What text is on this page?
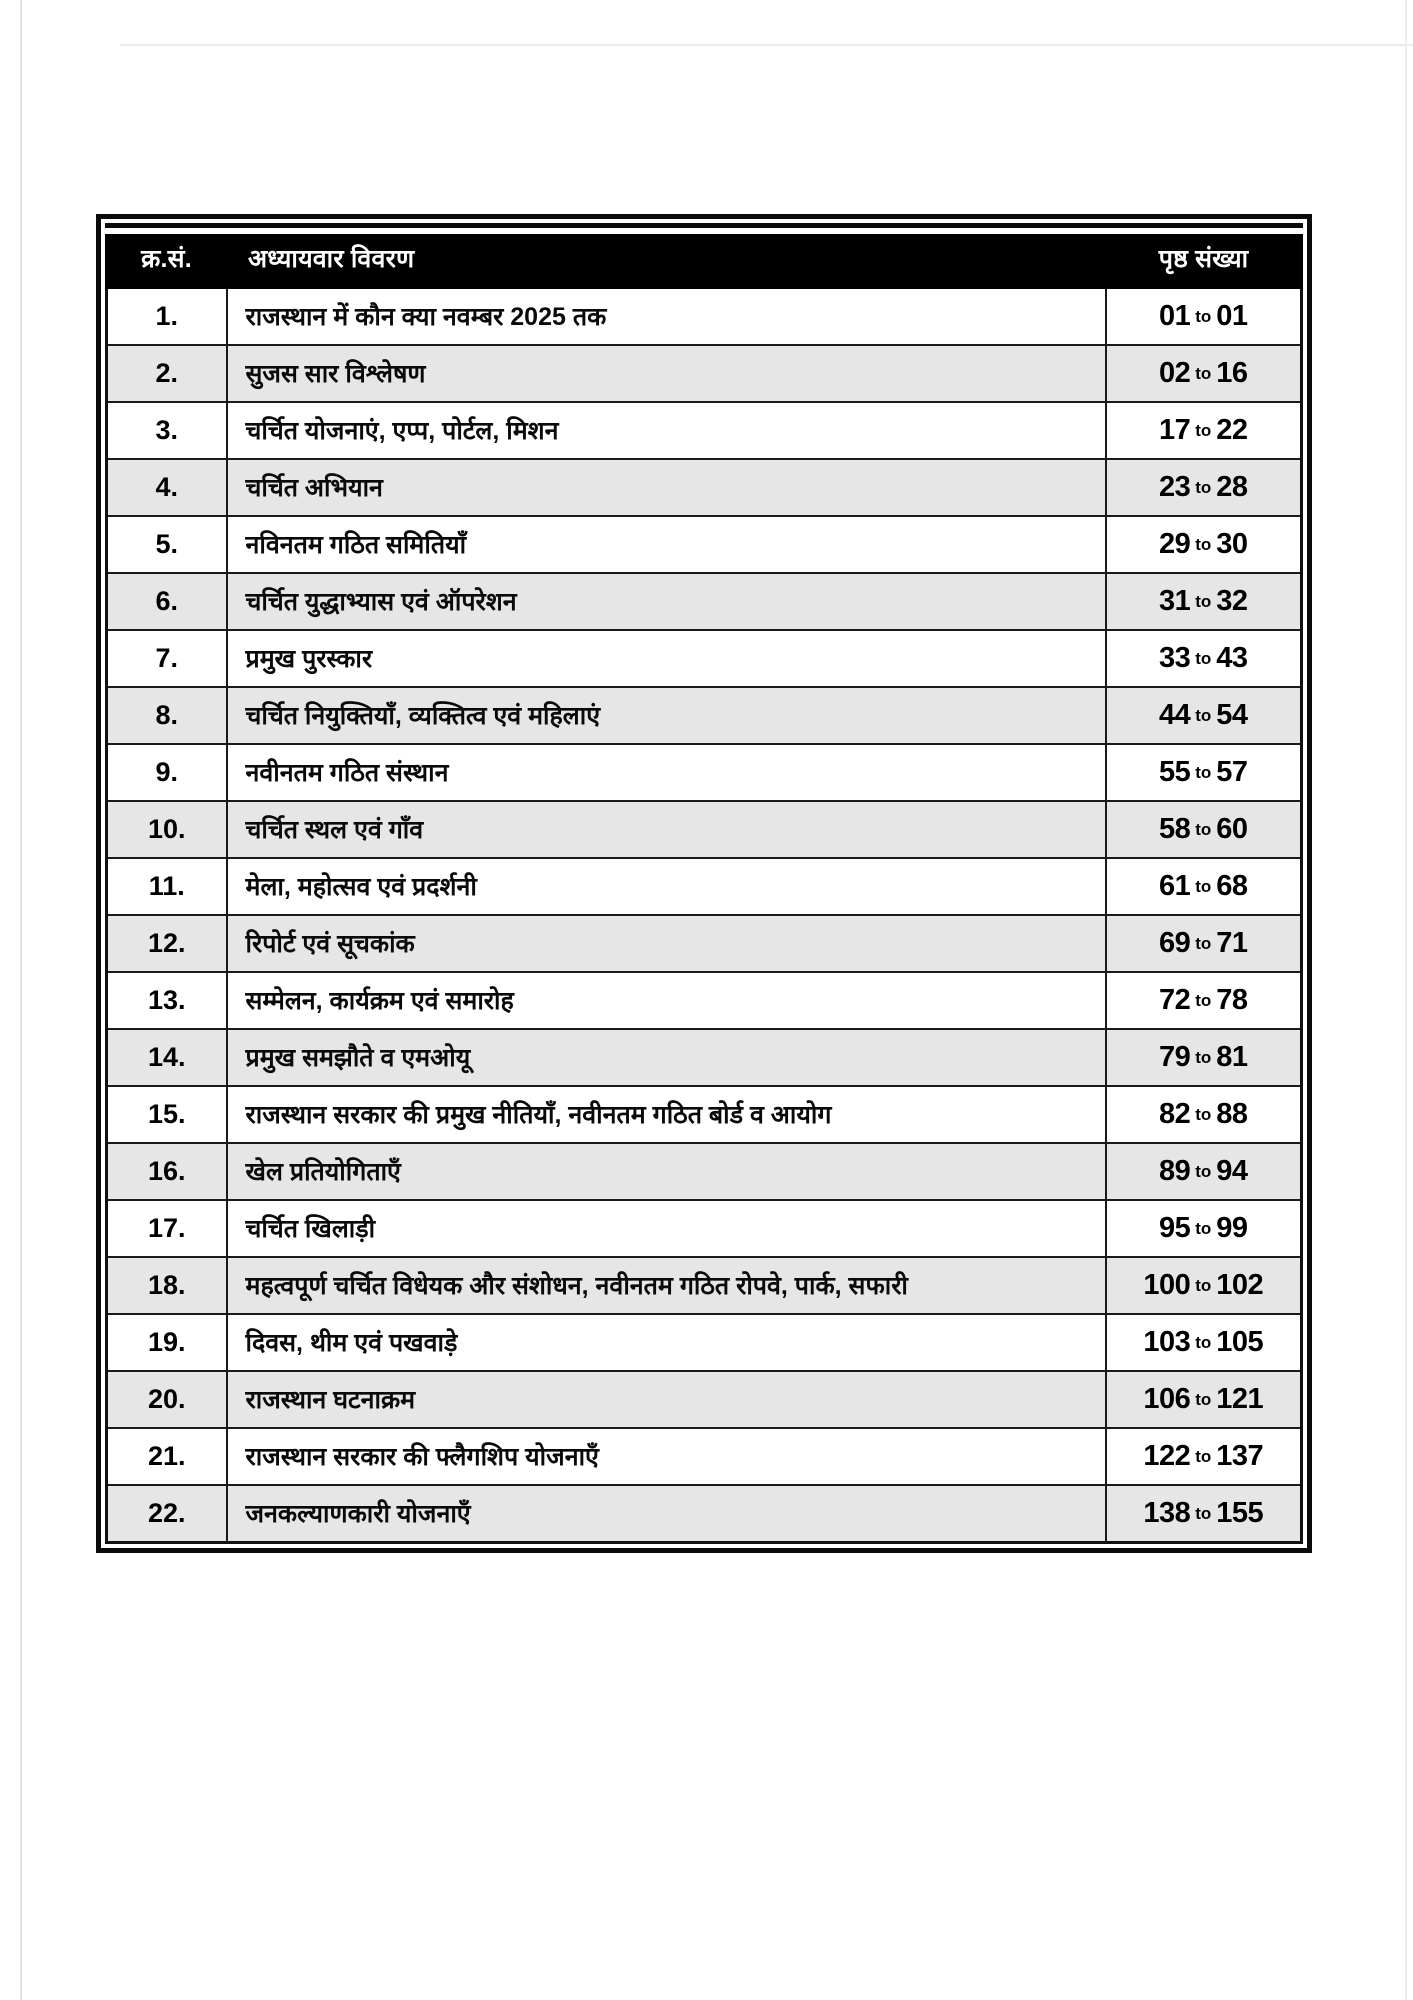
क्र.सं.	अध्यायवार विवरण	पृष्ठ संख्या
1.	राजस्थान में कौन क्या नवम्बर 2025 तक	01 to 01
2.	सुजस सार विश्लेषण	02 to 16
3.	चर्चित योजनाएं, एप्प, पोर्टल, मिशन	17 to 22
4.	चर्चित अभियान	23 to 28
5.	नविनतम गठित समितियाँ	29 to 30
6.	चर्चित युद्धाभ्यास एवं ऑपरेशन	31 to 32
7.	प्रमुख पुरस्कार	33 to 43
8.	चर्चित नियुक्तियाँ, व्यक्तित्व एवं महिलाएं	44 to 54
9.	नवीनतम गठित संस्थान	55 to 57
10.	चर्चित स्थल एवं गाँव	58 to 60
11.	मेला, महोत्सव एवं प्रदर्शनी	61 to 68
12.	रिपोर्ट एवं सूचकांक	69 to 71
13.	सम्मेलन, कार्यक्रम एवं समारोह	72 to 78
14.	प्रमुख समझौते व एमओयू	79 to 81
15.	राजस्थान सरकार की प्रमुख नीतियाँ, नवीनतम गठित बोर्ड व आयोग	82 to 88
16.	खेल प्रतियोगिताएँ	89 to 94
17.	चर्चित खिलाड़ी	95 to 99
18.	महत्वपूर्ण चर्चित विधेयक और संशोधन, नवीनतम गठित रोपवे, पार्क, सफारी	100 to 102
19.	दिवस, थीम एवं पखवाड़े	103 to 105
20.	राजस्थान घटनाक्रम	106 to 121
21.	राजस्थान सरकार की फ्लैगशिप योजनाएँ	122 to 137
22.	जनकल्याणकारी योजनाएँ	138 to 155
